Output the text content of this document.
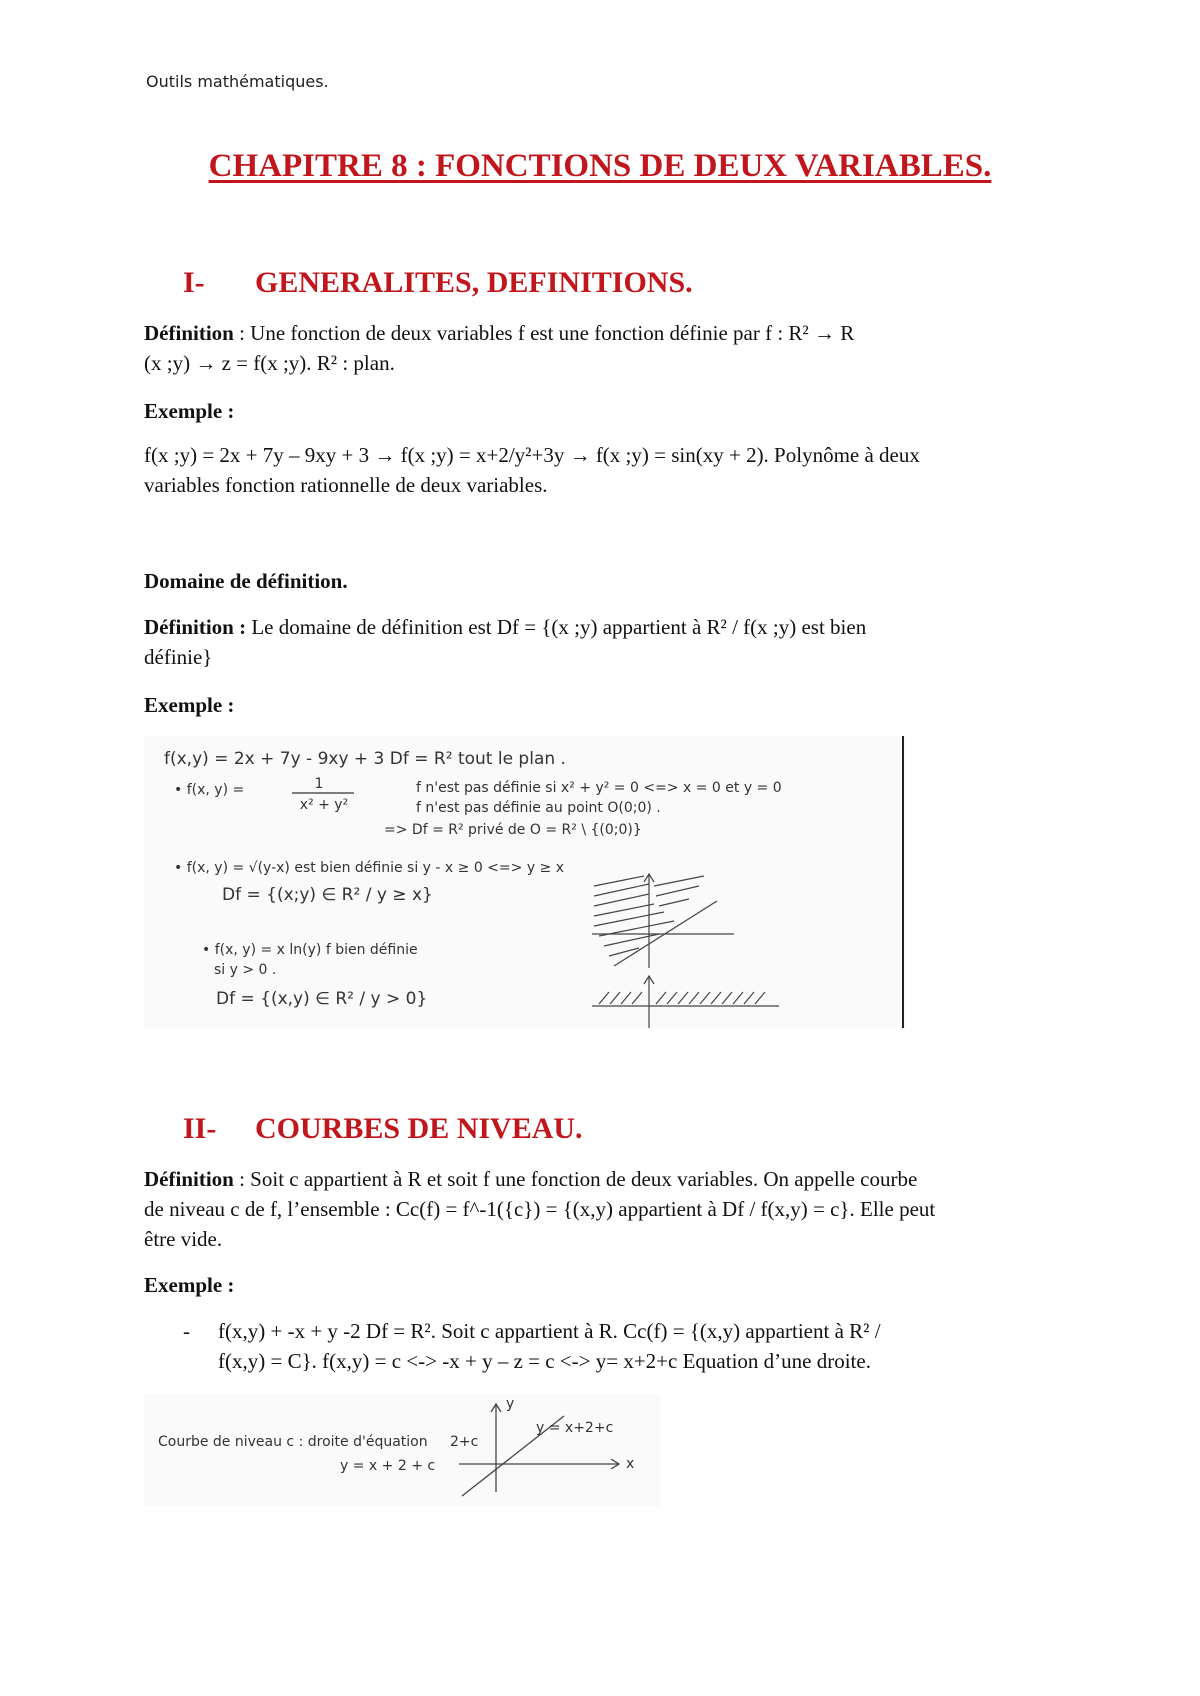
Outils mathématiques.
CHAPITRE 8 : FONCTIONS DE DEUX VARIABLES.
I- GENERALITES, DEFINITIONS.
Définition : Une fonction de deux variables f est une fonction définie par f : R² → R
(x ;y) → z = f(x ;y). R² : plan.
Exemple :
f(x ;y) = 2x + 7y – 9xy + 3 → f(x ;y) = x+2/y²+3y → f(x ;y) = sin(xy + 2). Polynôme à deux
variables fonction rationnelle de deux variables.
Domaine de définition.
Définition : Le domaine de définition est Df = {(x ;y) appartient à R² / f(x ;y) est bien
définie}
Exemple :
f(x,y) = 2x + 7y - 9xy + 3 Df = R² tout le plan .
• f(x, y) =	1
x² + y²
f n'est pas définie si x² + y² = 0 <=> x = 0 et y = 0
f n'est pas définie au point O(0;0) .
=> Df = R² privé de O = R² \ {(0;0)}
• f(x, y) = √(y-x) est bien définie si y - x ≥ 0 <=> y ≥ x
Df = {(x;y) ∈ R² / y ≥ x}
• f(x, y) = x ln(y) f bien définie
si y > 0 .
Df = {(x,y) ∈ R² / y > 0}
II- COURBES DE NIVEAU.
Définition : Soit c appartient à R et soit f une fonction de deux variables. On appelle courbe
de niveau c de f, l’ensemble : Cc(f) = f^-1({c}) = {(x,y) appartient à Df / f(x,y) = c}. Elle peut
être vide.
Exemple :
- f(x,y) + -x + y -2 Df = R². Soit c appartient à R. Cc(f) = {(x,y) appartient à R² /
f(x,y) = C}. f(x,y) = c <-> -x + y – z = c <-> y= x+2+c Equation d’une droite.
Courbe de niveau c : droite d'équation
y = x + 2 + c
y
x
2+c
y = x+2+c
